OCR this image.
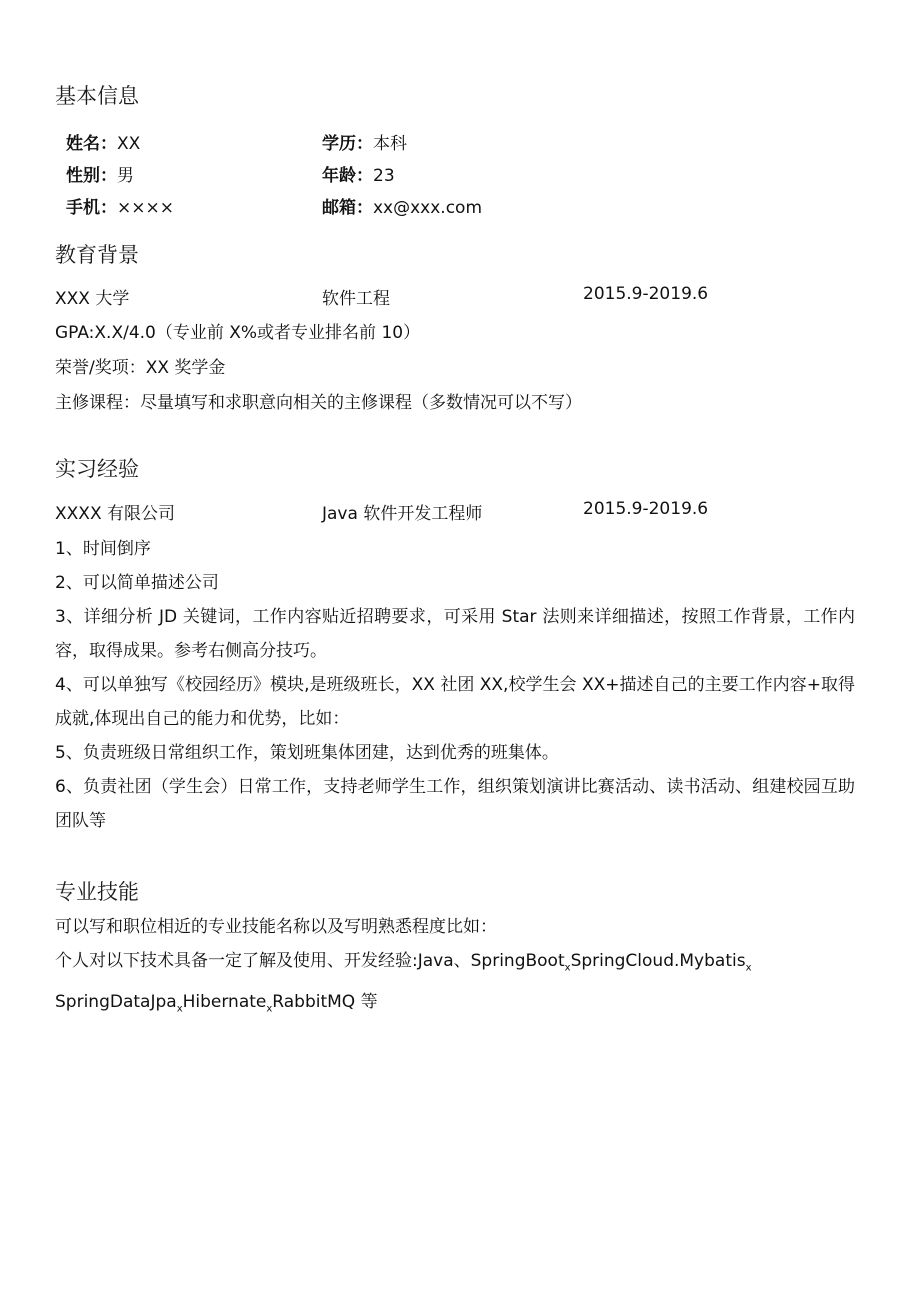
基本信息
姓名：XX	学历：本科
性别：男	年龄：23
手机：××××	邮箱：xx@xxx.com
教育背景
XXX 大学	软件工程	2015.9-2019.6
GPA:X.X/4.0（专业前 X%或者专业排名前 10）
荣誉/奖项：XX 奖学金
主修课程：尽量填写和求职意向相关的主修课程（多数情况可以不写）
实习经验
XXXX 有限公司	Java 软件开发工程师	2015.9-2019.6
1、时间倒序
2、可以简单描述公司
3、详细分析 JD 关键词，工作内容贴近招聘要求，可采用 Star 法则来详细描述，按照工作背景，工作内容，取得成果。参考右侧高分技巧。
4、可以单独写《校园经历》模块,是班级班长，XX 社团 XX,校学生会 XX+描述自己的主要工作内容+取得成就,体现出自己的能力和优势，比如：
5、负责班级日常组织工作，策划班集体团建，达到优秀的班集体。
6、负责社团（学生会）日常工作，支持老师学生工作，组织策划演讲比赛活动、读书活动、组建校园互助团队等
专业技能
可以写和职位相近的专业技能名称以及写明熟悉程度比如：
个人对以下技术具备一定了解及使用、开发经验:Java、SpringBoot$_x$SpringCloud.Mybatis$_x$ SpringDataJpa$_x$Hibernate$_x$RabbitMQ 等
